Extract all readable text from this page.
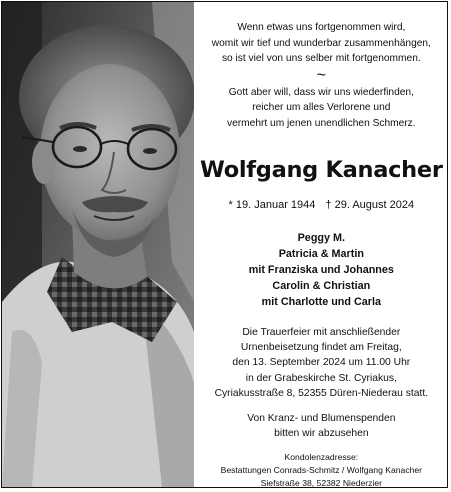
Wenn etwas uns fortgenommen wird,
womit wir tief und wunderbar zusammenhängen,
so ist viel von uns selber mit fortgenommen.
~
Gott aber will, dass wir uns wiederfinden,
reicher um alles Verlorene und
vermehrt um jenen unendlichen Schmerz.
Wolfgang Kanacher
* 19. Januar 1944 † 29. August 2024
Peggy M.
Patricia & Martin
mit Franziska und Johannes
Carolin & Christian
mit Charlotte und Carla
Die Trauerfeier mit anschließender
Urnenbeisetzung findet am Freitag,
den 13. September 2024 um 11.00 Uhr
in der Grabeskirche St. Cyriakus,
Cyriakusstraße 8, 52355 Düren-Niederau statt.
Von Kranz- und Blumenspenden
bitten wir abzusehen
Kondolenzadresse:
Bestattungen Conrads-Schmitz / Wolfgang Kanacher
Siefstraße 38, 52382 Niederzier
